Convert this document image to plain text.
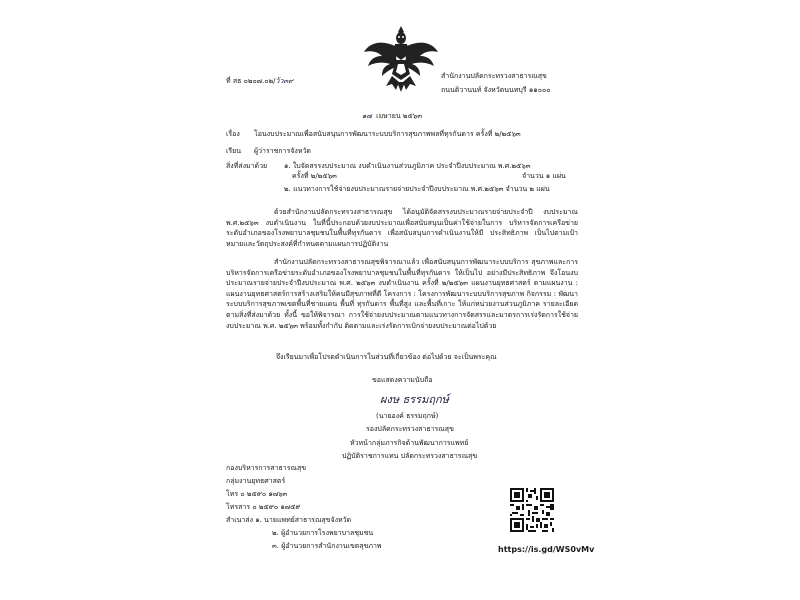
ที่ สธ ๐๒๐๗.๐๒/ว้ว๓๙
สำนักงานปลัดกระทรวงสาธารณสุข
ถนนติวานนท์ จังหวัดนนทบุรี ๑๑๐๐๐
๑๗ เมษายน ๒๕๖๓
เรื่อง โอนงบประมาณเพื่อสนับสนุนการพัฒนาระบบบริการสุขภาพพลที่ทุรกันดาร ครั้งที่ ๒/๒๕๖๓
เรียน ผู้ว่าราชการจังหวัด
สิ่งที่ส่งมาด้วย ๑. ใบจัดสรรงบประมาณ งบดำเนินงานส่วนภูมิภาค ประจำปีงบประมาณ พ.ศ.๒๕๖๓
จำนวน ๑ แผ่น
ครั้งที่ ๒/๒๕๖๓
๒. แนวทางการใช้จ่ายงบประมาณรายจ่ายประจำปีงบประมาณ พ.ศ.๒๕๖๓ จำนวน ๒ แผ่น
ด้วยสำนักงานปลัดกระทรวงสาธารณสุข ได้อนุมัติจัดสรรงบประมาณรายจ่ายประจำปี งบประมาณ พ.ศ.๒๕๖๓ งบดำเนินงาน ในที่นี้ประกอบด้วยงบประมาณเพื่อสนับสนุนเป็นค่าใช้จ่ายในการ บริหารจัดการเครือข่ายระดับอำเภอของโรงพยาบาลชุมชนในพื้นที่ทุรกันดาร เพื่อสนับสนุนการดำเนินงานให้มี ประสิทธิภาพ เป็นไปตามเป้าหมายและวัตถุประสงค์ที่กำหนดตามแผนการปฏิบัติงาน
สำนักงานปลัดกระทรวงสาธารณสุขพิจารณาแล้ว เพื่อสนับสนุนการพัฒนาระบบบริการ สุขภาพและการบริหารจัดการเครือข่ายระดับอำเภอของโรงพยาบาลชุมชนในพื้นที่ทุรกันดาร ให้เป็นไป อย่างมีประสิทธิภาพ จึงโอนงบประมาณรายจ่ายประจำปีงบประมาณ พ.ศ. ๒๕๖๓ งบดำเนินงาน ครั้งที่ ๒/๒๕๖๓ แผนงานยุทธศาสตร์ ตามแผนงาน : แผนงานยุทธศาสตร์การสร้างเสริมให้คนมีสุขภาพที่ดี โครงการ : โครงการพัฒนาระบบบริการสุขภาพ กิจกรรม : พัฒนาระบบบริการสุขภาพเขตพื้นที่ชายแดน พื้นที่ ทุรกันดาร พื้นที่สูง และพื้นที่เกาะ ให้แก่หน่วยงานส่วนภูมิภาค รายละเอียดตามสิ่งที่ส่งมาด้วย ทั้งนี้ ขอให้พิจารณา การใช้จ่ายงบประมาณตามแนวทางการจัดสรรและมาตรการเร่งรัดการใช้จ่ายงบประมาณ พ.ศ. ๒๕๖๓ พร้อมทั้งกำกับ ติดตามและเร่งรัดการเบิกจ่ายงบประมาณต่อไปด้วย
จึงเรียนมาเพื่อโปรดดำเนินการในส่วนที่เกี่ยวข้อง ต่อไปด้วย จะเป็นพระคุณ
ขอแสดงความนับถือ
ผงษ ธรรมฤกษ์
(นายองค์ ธรรมฤกษ์)
รองปลัดกระทรวงสาธารณสุข
หัวหน้ากลุ่มภารกิจด้านพัฒนาการแพทย์
ปฏิบัติราชการแทน ปลัดกระทรวงสาธารณสุข
กองบริหารการสาธารณสุข
กลุ่มงานยุทธศาสตร์
โทร ๐ ๒๕๙๐ ๑๗๖๓
โทรสาร ๐ ๒๕๙๐ ๑๗๕๙
สำเนาส่ง ๑. นายแพทย์สาธารณสุขจังหวัด
๒. ผู้อำนวยการโรงพยาบาลชุมชน
๓. ผู้อำนวยการสำนักงานเขตสุขภาพ	https://is.gd/WS0vMv
